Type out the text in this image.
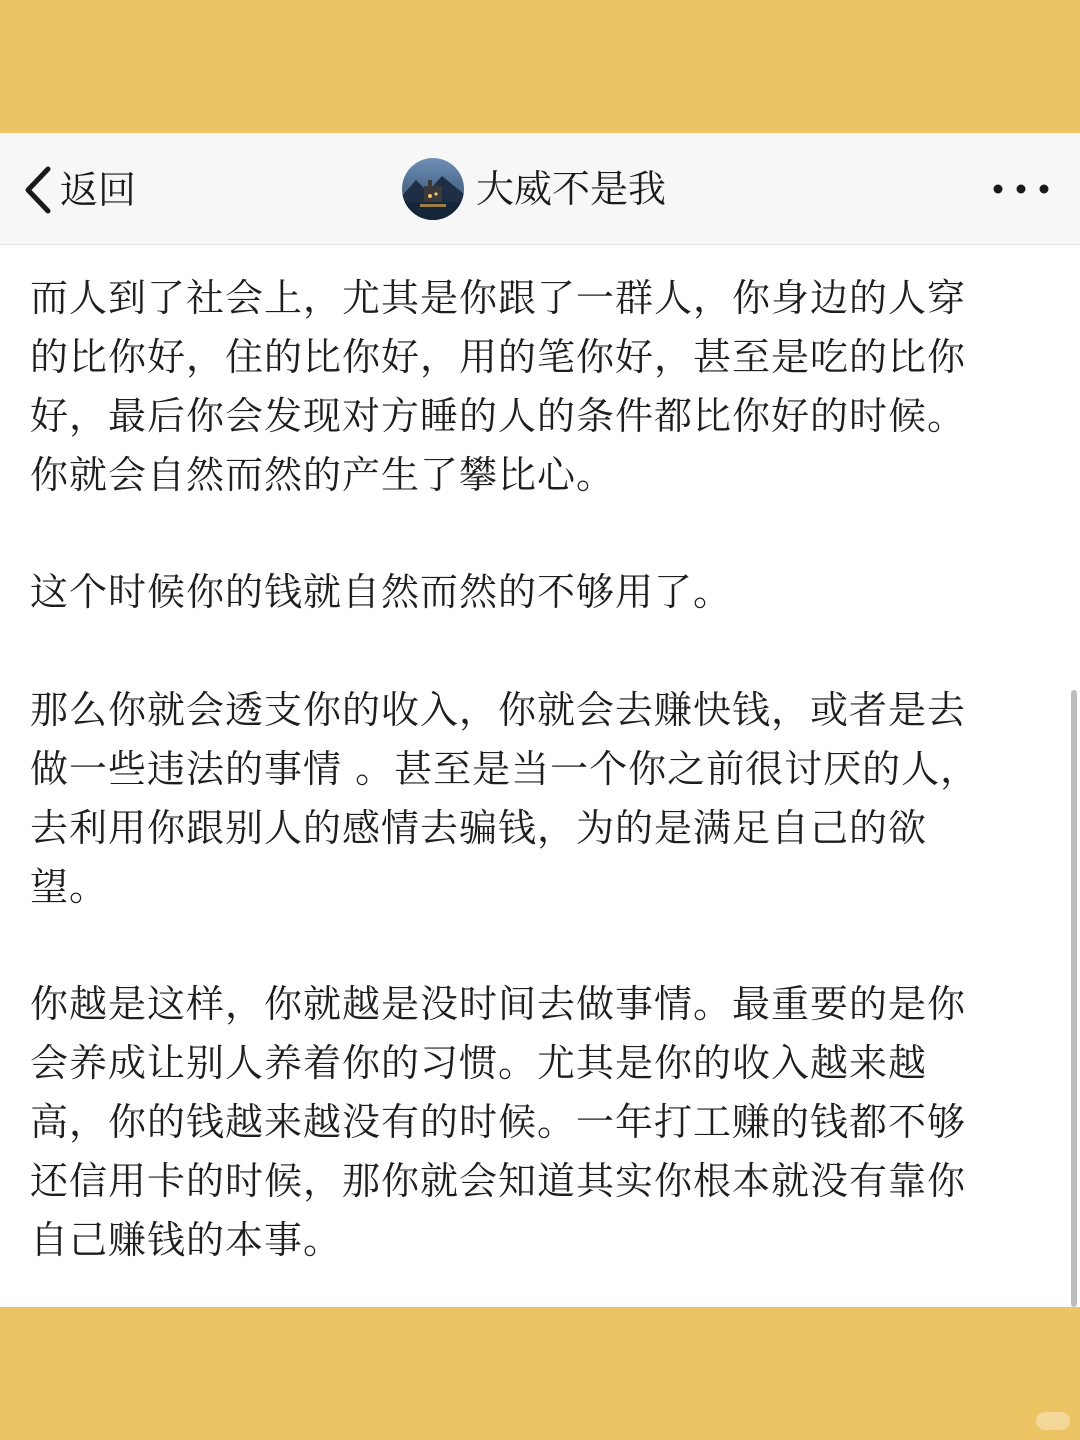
返回	大威不是我

而人到了社会上，尤其是你跟了一群人，你身边的人穿
的比你好，住的比你好，用的笔你好，甚至是吃的比你
好，最后你会发现对方睡的人的条件都比你好的时候。
你就会自然而然的产生了攀比心。

这个时候你的钱就自然而然的不够用了。

那么你就会透支你的收入，你就会去赚快钱，或者是去
做一些违法的事情 。甚至是当一个你之前很讨厌的人，
去利用你跟别人的感情去骗钱，为的是满足自己的欲
望。

你越是这样，你就越是没时间去做事情。最重要的是你
会养成让别人养着你的习惯。尤其是你的收入越来越
高，你的钱越来越没有的时候。一年打工赚的钱都不够
还信用卡的时候，那你就会知道其实你根本就没有靠你
自己赚钱的本事。
